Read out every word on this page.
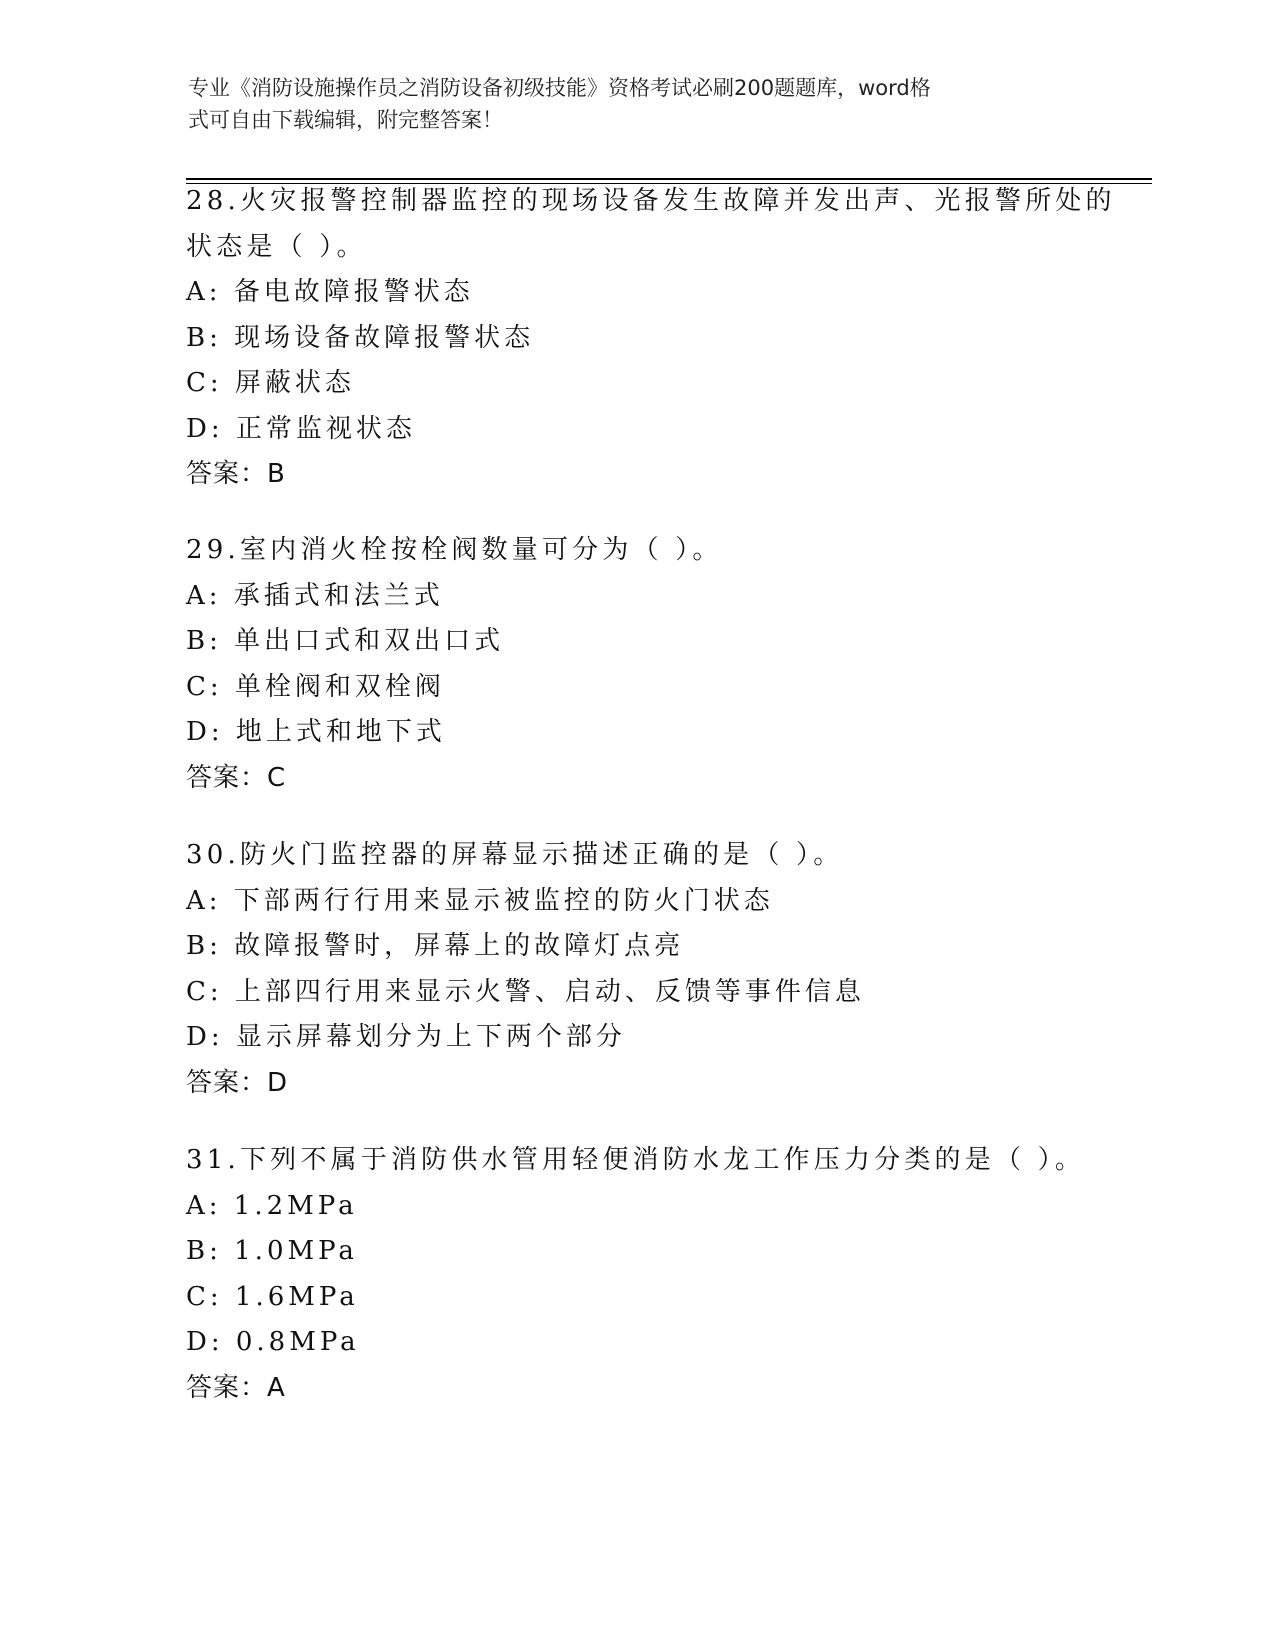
专业《消防设施操作员之消防设备初级技能》资格考试必刷200题题库，word格
式可自由下载编辑，附完整答案！
28.火灾报警控制器监控的现场设备发生故障并发出声、光报警所处的
状态是（ ）。
A: 备电故障报警状态
B: 现场设备故障报警状态
C: 屏蔽状态
D: 正常监视状态
答案：B
29.室内消火栓按栓阀数量可分为（ ）。
A: 承插式和法兰式
B: 单出口式和双出口式
C: 单栓阀和双栓阀
D: 地上式和地下式
答案：C
30.防火门监控器的屏幕显示描述正确的是（ ）。
A: 下部两行行用来显示被监控的防火门状态
B: 故障报警时，屏幕上的故障灯点亮
C: 上部四行用来显示火警、启动、反馈等事件信息
D: 显示屏幕划分为上下两个部分
答案：D
31.下列不属于消防供水管用轻便消防水龙工作压力分类的是（ ）。
A: 1.2MPa
B: 1.0MPa
C: 1.6MPa
D: 0.8MPa
答案：A
